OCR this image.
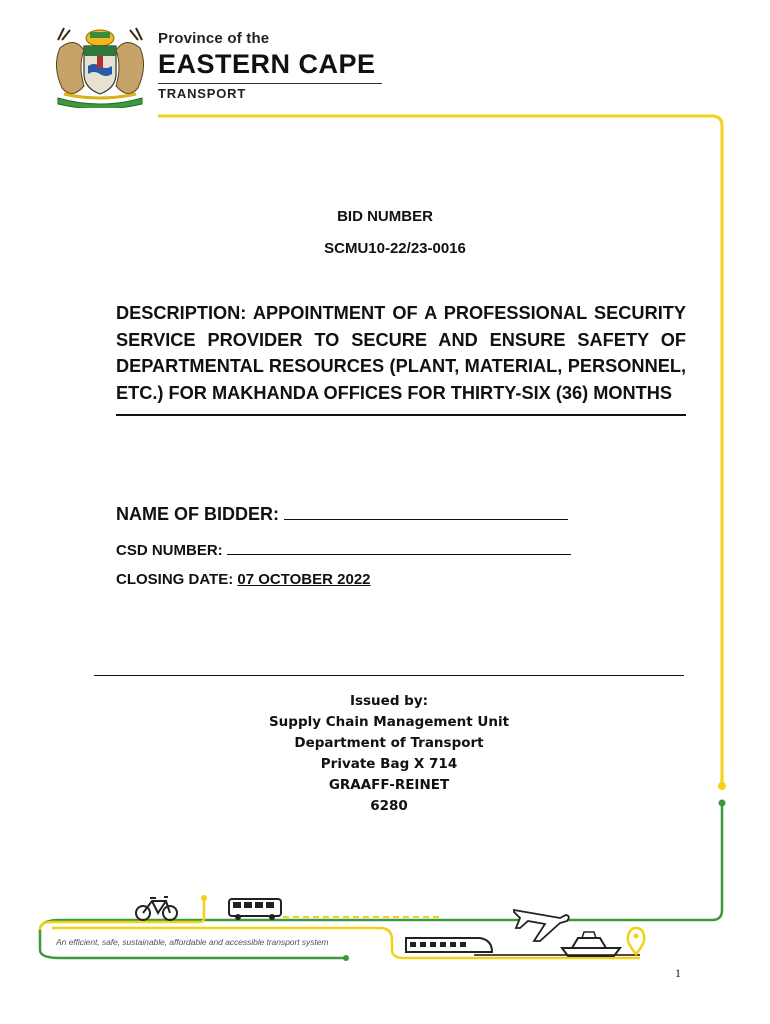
Province of the
EASTERN CAPE
TRANSPORT
BID NUMBER
SCMU10-22/23-0016
DESCRIPTION: APPOINTMENT OF A PROFESSIONAL SECURITY SERVICE PROVIDER TO SECURE AND ENSURE SAFETY OF DEPARTMENTAL RESOURCES (PLANT, MATERIAL, PERSONNEL, ETC.) FOR MAKHANDA OFFICES FOR THIRTY-SIX (36) MONTHS
NAME OF BIDDER:
CSD NUMBER:
CLOSING DATE: 07 OCTOBER 2022
Issued by:
Supply Chain Management Unit
Department of Transport
Private Bag X 714
GRAAFF-REINET
6280
An efficient, safe, sustainable, affordable and accessible transport system
1
